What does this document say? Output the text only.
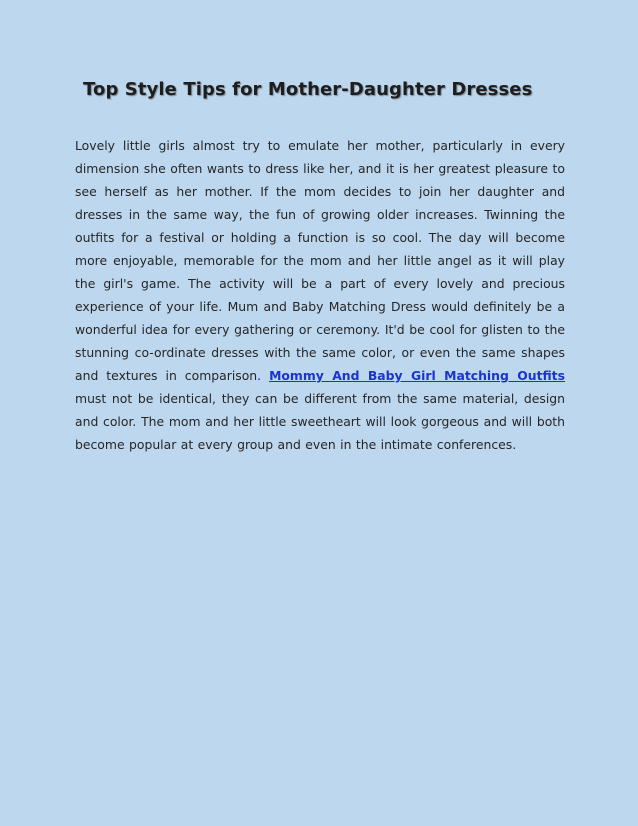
Top Style Tips for Mother-Daughter Dresses

Lovely little girls almost try to emulate her mother, particularly in every dimension she often wants to dress like her, and it is her greatest pleasure to see herself as her mother. If the mom decides to join her daughter and dresses in the same way, the fun of growing older increases. Twinning the outfits for a festival or holding a function is so cool. The day will become more enjoyable, memorable for the mom and her little angel as it will play the girl's game. The activity will be a part of every lovely and precious experience of your life. Mum and Baby Matching Dress would definitely be a wonderful idea for every gathering or ceremony. It'd be cool for glisten to the stunning co-ordinate dresses with the same color, or even the same shapes and textures in comparison. Mommy And Baby Girl Matching Outfits must not be identical, they can be different from the same material, design and color. The mom and her little sweetheart will look gorgeous and will both become popular at every group and even in the intimate conferences.
